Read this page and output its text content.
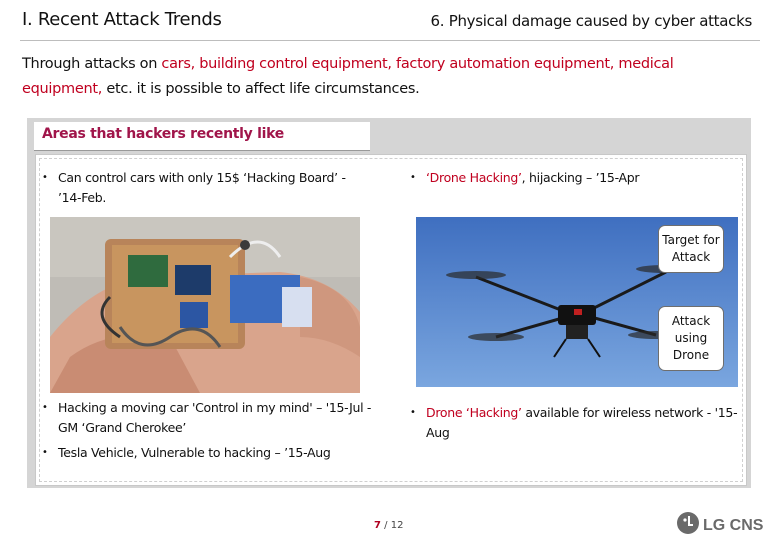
I. Recent Attack Trends	6. Physical damage caused by cyber attacks
Through attacks on cars, building control equipment, factory automation equipment, medical equipment, etc. it is possible to affect life circumstances.
Areas that hackers recently like
• Can control cars with only 15$ ‘Hacking Board’ - ’14-Feb.
• Hacking a moving car 'Control in my mind' – '15-Jul - GM ‘Grand Cherokee’
• Tesla Vehicle, Vulnerable to hacking – ’15-Aug
• ‘Drone Hacking’, hijacking – ’15-Apr
Target for Attack
Attack using Drone
• Drone ‘Hacking’ available for wireless network - '15-Aug
7 / 12	LG CNS
